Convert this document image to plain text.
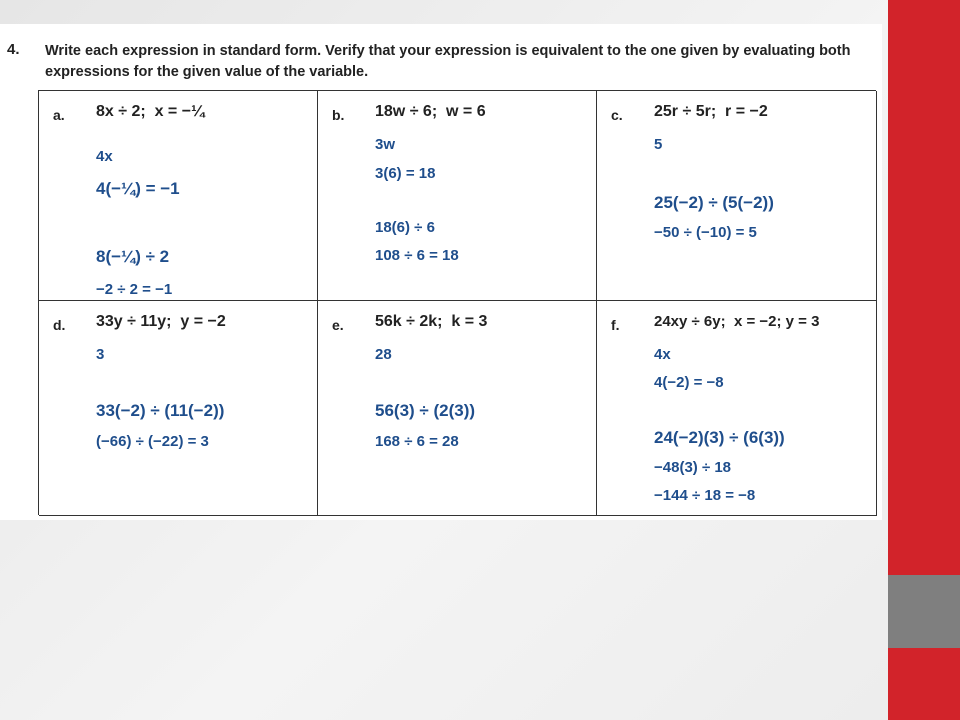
4. Write each expression in standard form. Verify that your expression is equivalent to the one given by evaluating both expressions for the given value of the variable.
a. 8x ÷ 2;  x = −¼
4x
4(−¼) = −1
8(−¼) ÷ 2
−2 ÷ 2 = −1
b. 18w ÷ 6;  w = 6
3w
3(6) = 18
18(6) ÷ 6
108 ÷ 6 = 18
c. 25r ÷ 5r;  r = −2
5
25(−2) ÷ (5(−2))
−50 ÷ (−10) = 5
d. 33y ÷ 11y;  y = −2
3
33(−2) ÷ (11(−2))
(−66) ÷ (−22) = 3
e. 56k ÷ 2k;  k = 3
28
56(3) ÷ (2(3))
168 ÷ 6 = 28
f. 24xy ÷ 6y;  x = −2; y = 3
4x
4(−2) = −8
24(−2)(3) ÷ (6(3))
−48(3) ÷ 18
−144 ÷ 18 = −8
